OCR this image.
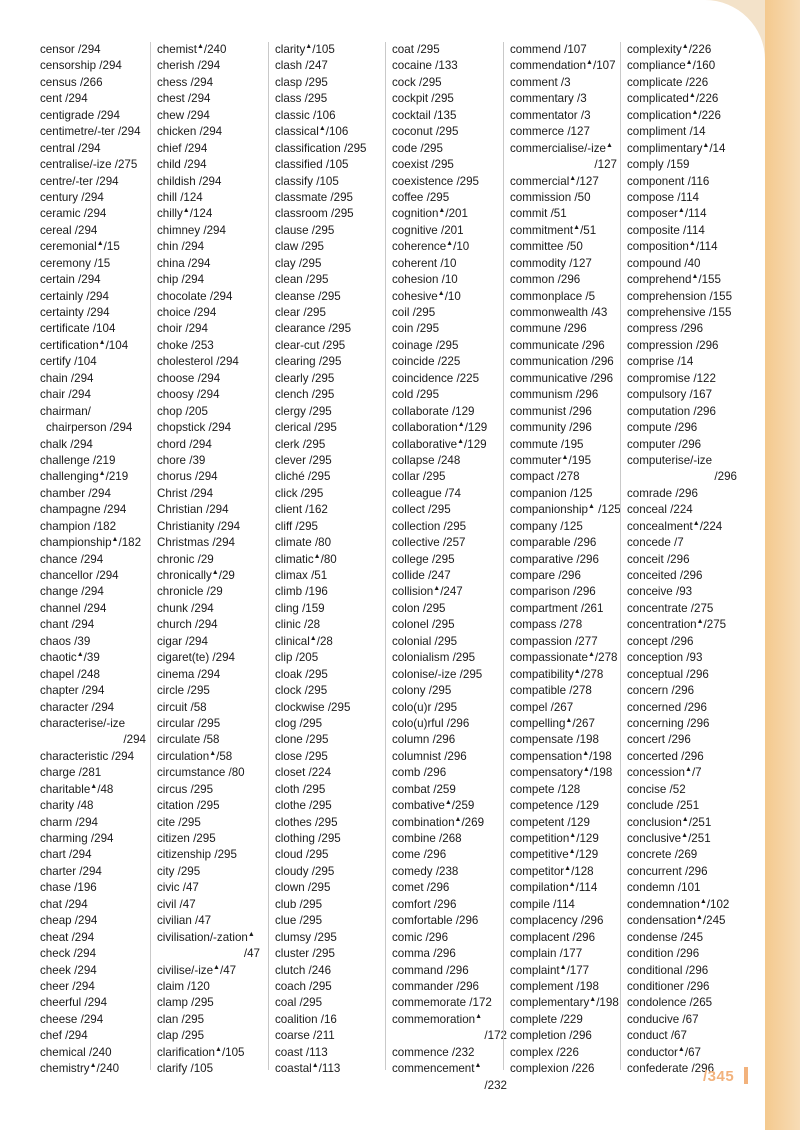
censor /294
censorship /294
census /266
cent /294
centigrade /294
centimetre/-ter /294
central /294
centralise/-ize /275
centre/-ter /294
century /294
ceramic /294
cereal /294
ceremonial▲/15
ceremony /15
certain /294
certainly /294
certainty /294
certificate /104
certification▲/104
certify /104
chain /294
chair /294
chairman/
chairperson /294
chalk /294
challenge /219
challenging▲/219
chamber /294
champagne /294
champion /182
championship▲/182
chance /294
chancellor /294
change /294
channel /294
chant /294
chaos /39
chaotic▲/39
chapel /248
chapter /294
character /294
characterise/-ize
/294
characteristic /294
charge /281
charitable▲/48
charity /48
charm /294
charming /294
chart /294
charter /294
chase /196
chat /294
cheap /294
cheat /294
check /294
cheek /294
cheer /294
cheerful /294
cheese /294
chef /294
chemical /240
chemistry▲/240
chemist▲/240
cherish /294
chess /294
chest /294
chew /294
chicken /294
chief /294
child /294
childish /294
chill /124
chilly▲/124
chimney /294
chin /294
china /294
chip /294
chocolate /294
choice /294
choir /294
choke /253
cholesterol /294
choose /294
choosy /294
chop /205
chopstick /294
chord /294
chore /39
chorus /294
Christ /294
Christian /294
Christianity /294
Christmas /294
chronic /29
chronically▲/29
chronicle /29
chunk /294
church /294
cigar /294
cigaret(te) /294
cinema /294
circle /295
circuit /58
circular /295
circulate /58
circulation▲/58
circumstance /80
circus /295
citation /295
cite /295
citizen /295
citizenship /295
city /295
civic /47
civil /47
civilian /47
civilisation/-zation▲
/47
civilise/-ize▲/47
claim /120
clamp /295
clan /295
clap /295
clarification▲/105
clarify /105
clarity▲/105
clash /247
clasp /295
class /295
classic /106
classical▲/106
classification /295
classified /105
classify /105
classmate /295
classroom /295
clause /295
claw /295
clay /295
clean /295
cleanse /295
clear /295
clearance /295
clear-cut /295
clearing /295
clearly /295
clench /295
clergy /295
clerical /295
clerk /295
clever /295
cliché /295
click /295
client /162
cliff /295
climate /80
climatic▲/80
climax /51
climb /196
cling /159
clinic /28
clinical▲/28
clip /205
cloak /295
clock /295
clockwise /295
clog /295
clone /295
close /295
closet /224
cloth /295
clothe /295
clothes /295
clothing /295
cloud /295
cloudy /295
clown /295
club /295
clue /295
clumsy /295
cluster /295
clutch /246
coach /295
coal /295
coalition /16
coarse /211
coast /113
coastal▲/113
coat /295
cocaine /133
cock /295
cockpit /295
cocktail /135
coconut /295
code /295
coexist /295
coexistence /295
coffee /295
cognition▲/201
cognitive /201
coherence▲/10
coherent /10
cohesion /10
cohesive▲/10
coil /295
coin /295
coinage /295
coincide /225
coincidence /225
cold /295
collaborate /129
collaboration▲/129
collaborative▲/129
collapse /248
collar /295
colleague /74
collect /295
collection /295
collective /257
college /295
collide /247
collision▲/247
colon /295
colonel /295
colonial /295
colonialism /295
colonise/-ize /295
colony /295
colo(u)r /295
colo(u)rful /296
column /296
columnist /296
comb /296
combat /259
combative▲/259
combination▲/269
combine /268
come /296
comedy /238
comet /296
comfort /296
comfortable /296
comic /296
comma /296
command /296
commander /296
commemorate /172
commemoration▲
/172
commence /232
commencement▲
/232
commend /107
commendation▲/107
comment /3
commentary /3
commentator /3
commerce /127
commercialise/-ize▲
/127
commercial▲/127
commission /50
commit /51
commitment▲/51
committee /50
commodity /127
common /296
commonplace /5
commonwealth /43
commune /296
communicate /296
communication /296
communicative /296
communism /296
communist /296
community /296
commute /195
commuter▲/195
compact /278
companion /125
companionship▲ /125
company /125
comparable /296
comparative /296
compare /296
comparison /296
compartment /261
compass /278
compassion /277
compassionate▲/278
compatibility▲/278
compatible /278
compel /267
compelling▲/267
compensate /198
compensation▲/198
compensatory▲/198
compete /128
competence /129
competent /129
competition▲/129
competitive▲/129
competitor▲/128
compilation▲/114
compile /114
complacency /296
complacent /296
complain /177
complaint▲/177
complement /198
complementary▲/198
complete /229
completion /296
complex /226
complexion /226
complexity▲/226
compliance▲/160
complicate /226
complicated▲/226
complication▲/226
compliment /14
complimentary▲/14
comply /159
component /116
compose /114
composer▲/114
composite /114
composition▲/114
compound /40
comprehend▲/155
comprehension /155
comprehensive /155
compress /296
compression /296
comprise /14
compromise /122
compulsory /167
computation /296
compute /296
computer /296
computerise/-ize
/296
comrade /296
conceal /224
concealment▲/224
concede /7
conceit /296
conceited /296
conceive /93
concentrate /275
concentration▲/275
concept /296
conception /93
conceptual /296
concern /296
concerned /296
concerning /296
concert /296
concerted /296
concession▲/7
concise /52
conclude /251
conclusion▲/251
conclusive▲/251
concrete /269
concurrent /296
condemn /101
condemnation▲/102
condensation▲/245
condense /245
condition /296
conditional /296
conditioner /296
condolence /265
conducive /67
conduct /67
conductor▲/67
confederate /296
/345
